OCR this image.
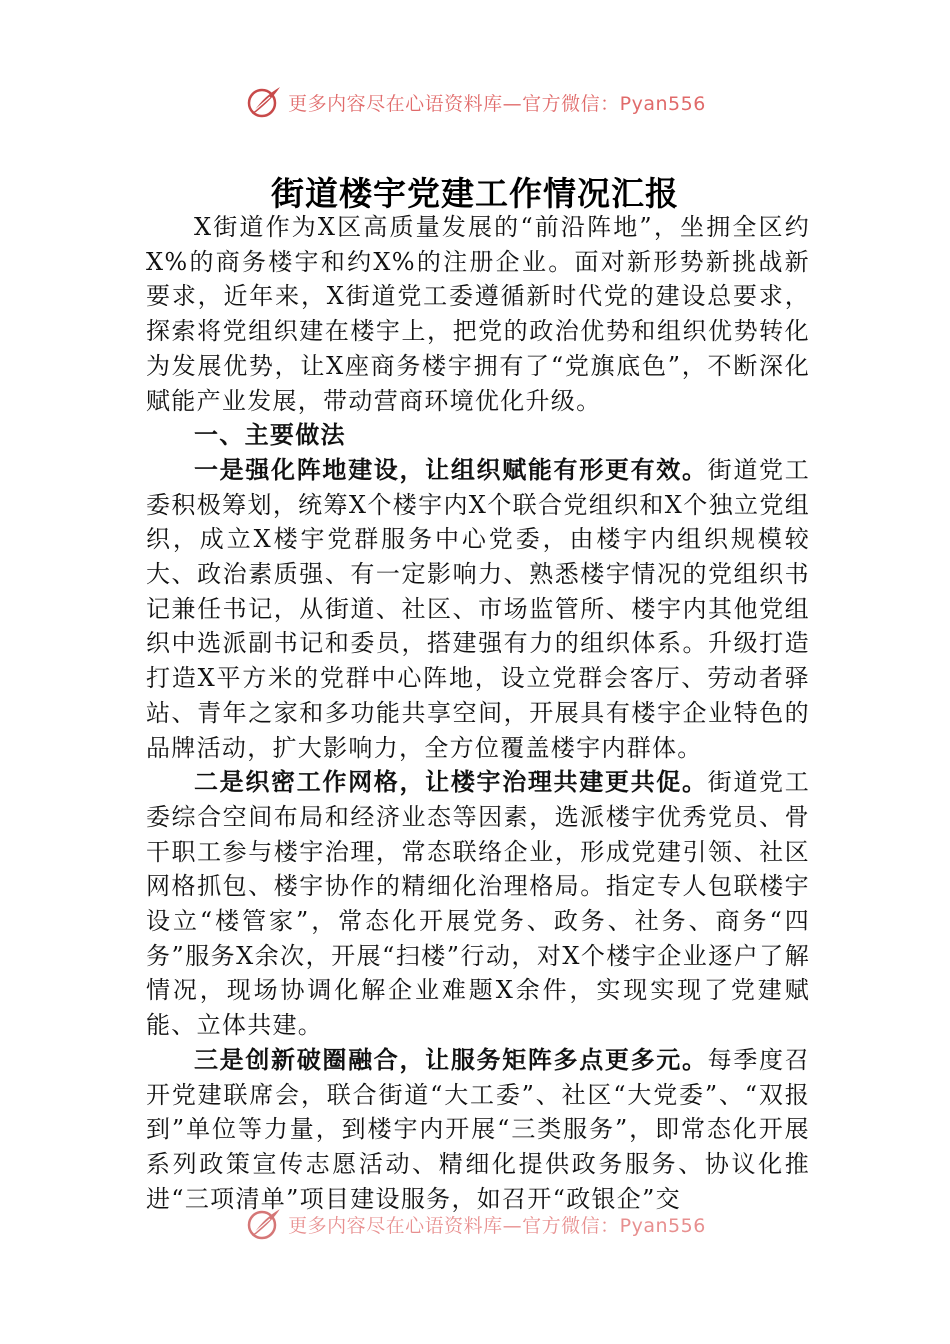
更多内容尽在心语资料库—官方微信：Pyan556
街道楼宇党建工作情况汇报

X街道作为X区高质量发展的“前沿阵地”，坐拥全区约X%的商务楼宇和约X%的注册企业。面对新形势新挑战新要求，近年来，X街道党工委遵循新时代党的建设总要求，探索将党组织建在楼宇上，把党的政治优势和组织优势转化为发展优势，让X座商务楼宇拥有了“党旗底色”，不断深化赋能产业发展，带动营商环境优化升级。

一、主要做法

一是强化阵地建设，让组织赋能有形更有效。街道党工委积极筹划，统筹X个楼宇内X个联合党组织和X个独立党组织，成立X楼宇党群服务中心党委，由楼宇内组织规模较大、政治素质强、有一定影响力、熟悉楼宇情况的党组织书记兼任书记，从街道、社区、市场监管所、楼宇内其他党组织中选派副书记和委员，搭建强有力的组织体系。升级打造打造X平方米的党群中心阵地，设立党群会客厅、劳动者驿站、青年之家和多功能共享空间，开展具有楼宇企业特色的品牌活动，扩大影响力，全方位覆盖楼宇内群体。

二是织密工作网格，让楼宇治理共建更共促。街道党工委综合空间布局和经济业态等因素，选派楼宇优秀党员、骨干职工参与楼宇治理，常态联络企业，形成党建引领、社区网格抓包、楼宇协作的精细化治理格局。指定专人包联楼宇设立“楼管家”，常态化开展党务、政务、社务、商务“四务”服务X余次，开展“扫楼”行动，对X个楼宇企业逐户了解情况，现场协调化解企业难题X余件，实现实现了党建赋能、立体共建。

三是创新破圈融合，让服务矩阵多点更多元。每季度召开党建联席会，联合街道“大工委”、社区“大党委”、“双报到”单位等力量，到楼宇内开展“三类服务”，即常态化开展系列政策宣传志愿活动、精细化提供政务服务、协议化推进“三项清单”项目建设服务，如召开“政银企”交

更多内容尽在心语资料库—官方微信：Pyan556
